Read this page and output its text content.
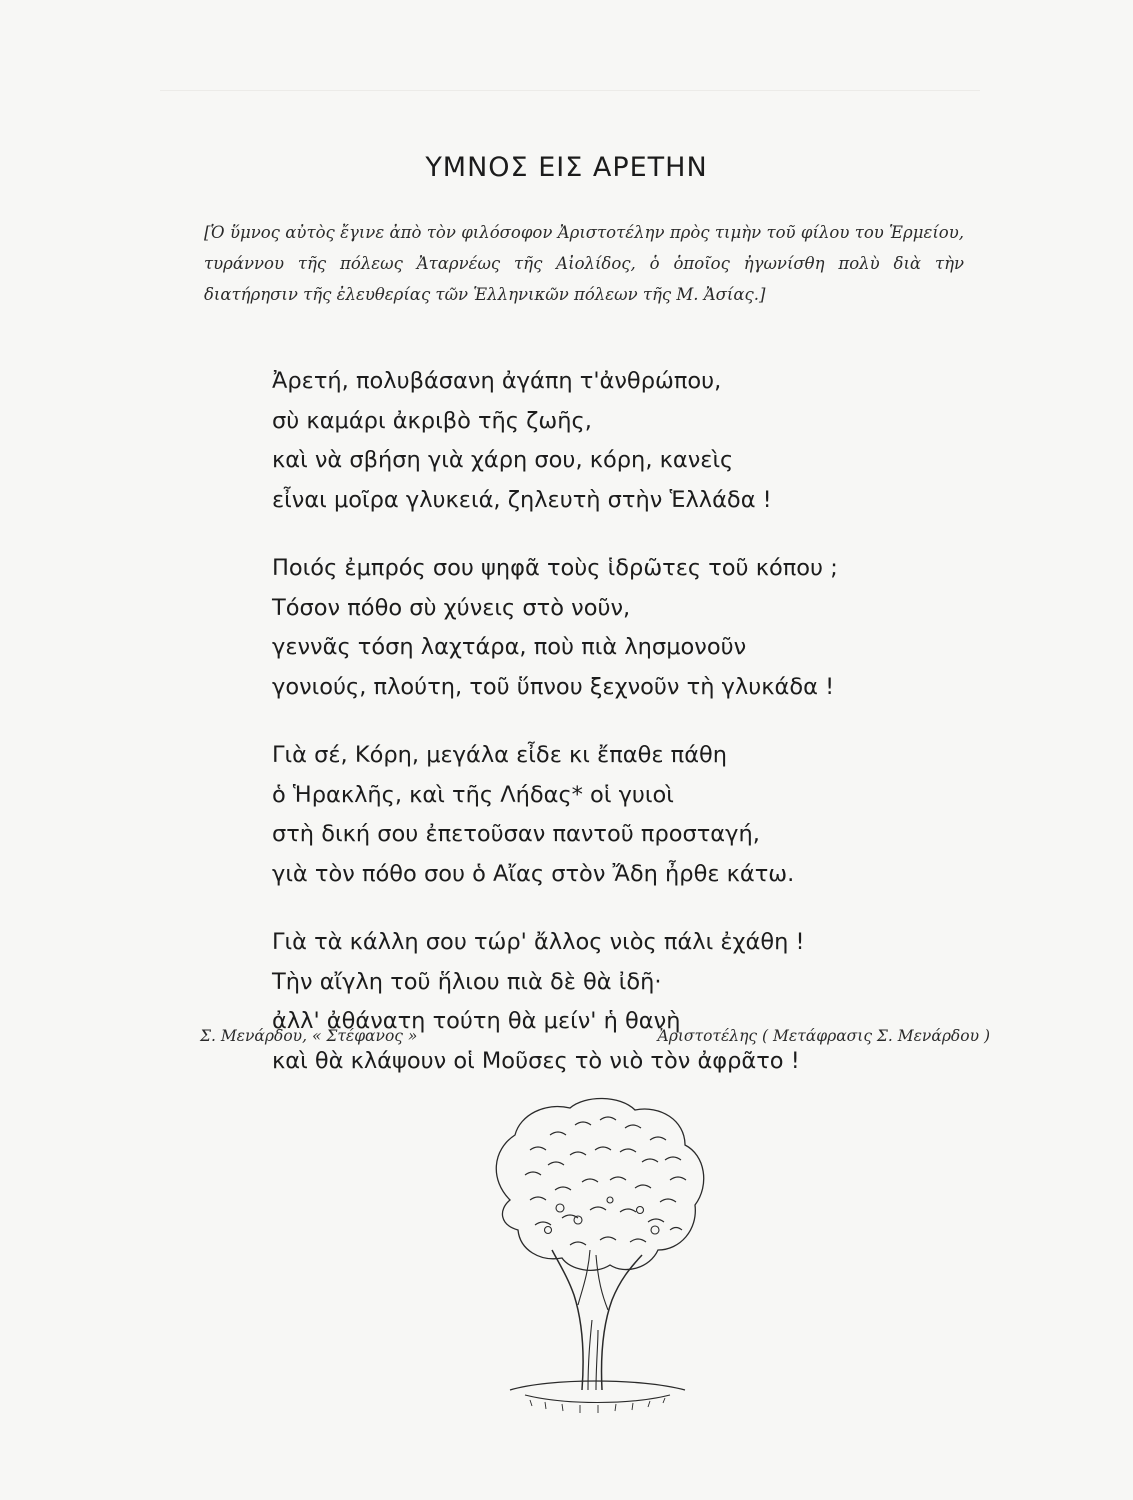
ΥΜΝΟΣ ΕΙΣ ΑΡΕΤΗΝ
[Ὁ ὕμνος αὐτὸς ἔγινε ἀπὸ τὸν φιλόσοφον Ἀριστοτέλην πρὸς τιμὴν τοῦ φίλου του Ἑρμείου, τυράννου τῆς πόλεως Ἀταρνέως τῆς Αἰολίδος, ὁ ὁποῖος ἠγωνίσθη πολὺ διὰ τὴν διατήρησιν τῆς ἐλευθερίας τῶν Ἑλληνικῶν πόλεων τῆς Μ. Ἀσίας.]
Ἀρετή, πολυβάσανη ἀγάπη τ'ἀνθρώπου,
σὺ καμάρι ἀκριβὸ τῆς ζωῆς,
καὶ νὰ σβήση γιὰ χάρη σου, κόρη, κανεὶς
εἶναι μοῖρα γλυκειά, ζηλευτὴ στὴν Ἑλλάδα !
Ποιός ἐμπρός σου ψηφᾶ τοὺς ἱδρῶτες τοῦ κόπου ;
Τόσον πόθο σὺ χύνεις στὸ νοῦν,
γεννᾶς τόση λαχτάρα, ποὺ πιὰ λησμονοῦν
γονιούς, πλούτη, τοῦ ὕπνου ξεχνοῦν τὴ γλυκάδα !
Γιὰ σέ, Κόρη, μεγάλα εἶδε κι ἔπαθε πάθη
ὁ Ἡρακλῆς, καὶ τῆς Λήδας* οἱ γυιοὶ
στὴ δική σου ἐπετοῦσαν παντοῦ προσταγή,
γιὰ τὸν πόθο σου ὁ Αἴας στὸν Ἄδη ἦρθε κάτω.
Γιὰ τὰ κάλλη σου τώρ' ἄλλος νιὸς πάλι ἐχάθη !
Τὴν αἴγλη τοῦ ἥλιου πιὰ δὲ θὰ ἰδῆ·
ἀλλ' ἀθάνατη τούτη θὰ μείν' ἡ θανὴ
καὶ θὰ κλάψουν οἱ Μοῦσες τὸ νιὸ τὸν ἀφρᾶτο !
Σ. Μενάρδου, « Στέφανος »	Ἀριστοτέλης ( Μετάφρασις Σ. Μενάρδου )
